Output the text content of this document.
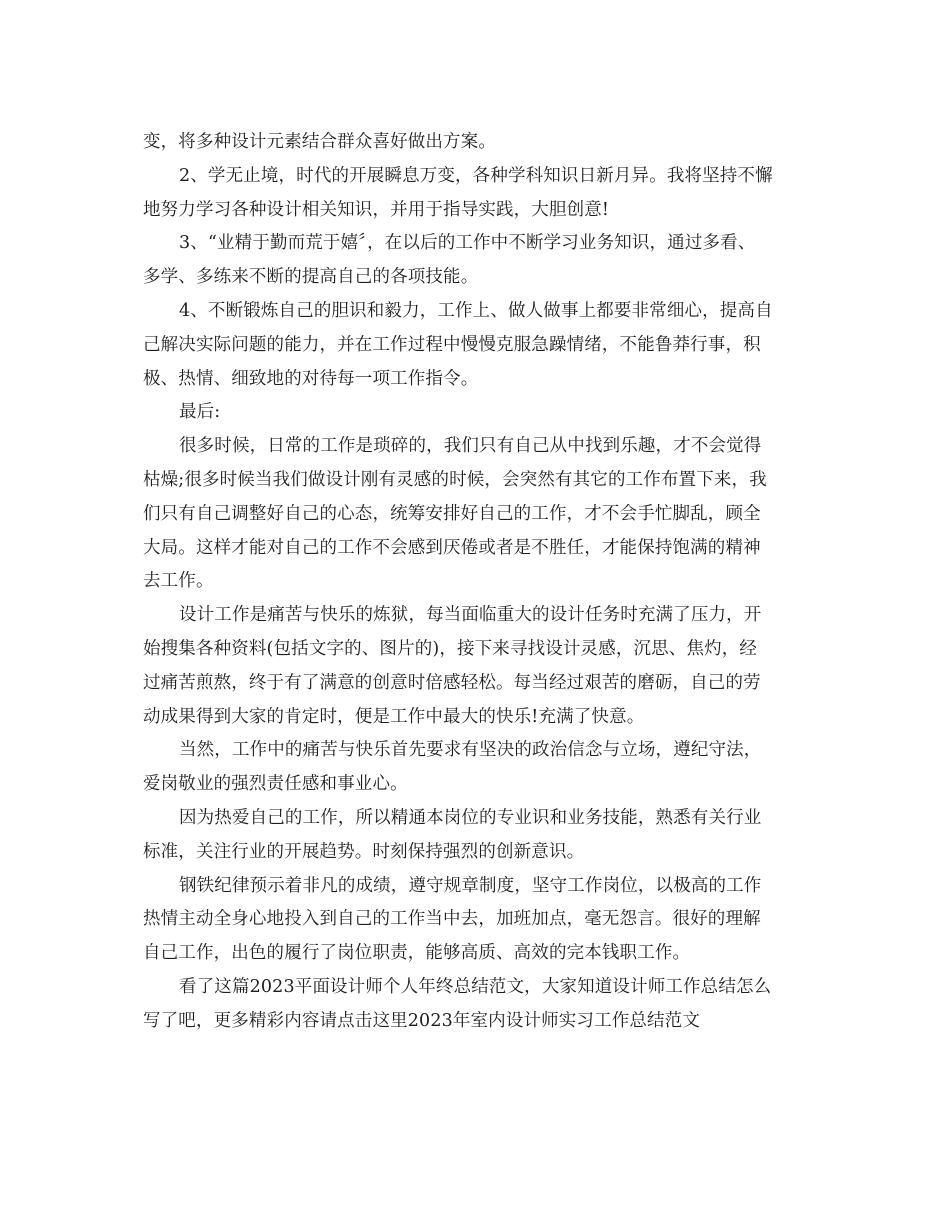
变，将多种设计元素结合群众喜好做出方案。
2、学无止境，时代的开展瞬息万变，各种学科知识日新月异。我将坚持不懈
地努力学习各种设计相关知识，并用于指导实践，大胆创意!
3、“业精于勤而荒于嬉〞，在以后的工作中不断学习业务知识，通过多看、
多学、多练来不断的提高自己的各项技能。
4、不断锻炼自己的胆识和毅力，工作上、做人做事上都要非常细心，提高自
己解决实际问题的能力，并在工作过程中慢慢克服急躁情绪，不能鲁莽行事，积
极、热情、细致地的对待每一项工作指令。
最后:
很多时候，日常的工作是琐碎的，我们只有自己从中找到乐趣，才不会觉得
枯燥;很多时候当我们做设计刚有灵感的时候，会突然有其它的工作布置下来，我
们只有自己调整好自己的心态，统筹安排好自己的工作，才不会手忙脚乱，顾全
大局。这样才能对自己的工作不会感到厌倦或者是不胜任，才能保持饱满的精神
去工作。
设计工作是痛苦与快乐的炼狱，每当面临重大的设计任务时充满了压力，开
始搜集各种资料(包括文字的、图片的)，接下来寻找设计灵感，沉思、焦灼，经
过痛苦煎熬，终于有了满意的创意时倍感轻松。每当经过艰苦的磨砺，自己的劳
动成果得到大家的肯定时，便是工作中最大的快乐!充满了快意。
当然，工作中的痛苦与快乐首先要求有坚决的政治信念与立场，遵纪守法，
爱岗敬业的强烈责任感和事业心。
因为热爱自己的工作，所以精通本岗位的专业识和业务技能，熟悉有关行业
标准，关注行业的开展趋势。时刻保持强烈的创新意识。
钢铁纪律预示着非凡的成绩，遵守规章制度，坚守工作岗位，以极高的工作
热情主动全身心地投入到自己的工作当中去，加班加点，毫无怨言。很好的理解
自己工作，出色的履行了岗位职责，能够高质、高效的完本钱职工作。
看了这篇2023平面设计师个人年终总结范文，大家知道设计师工作总结怎么
写了吧，更多精彩内容请点击这里2023年室内设计师实习工作总结范文
